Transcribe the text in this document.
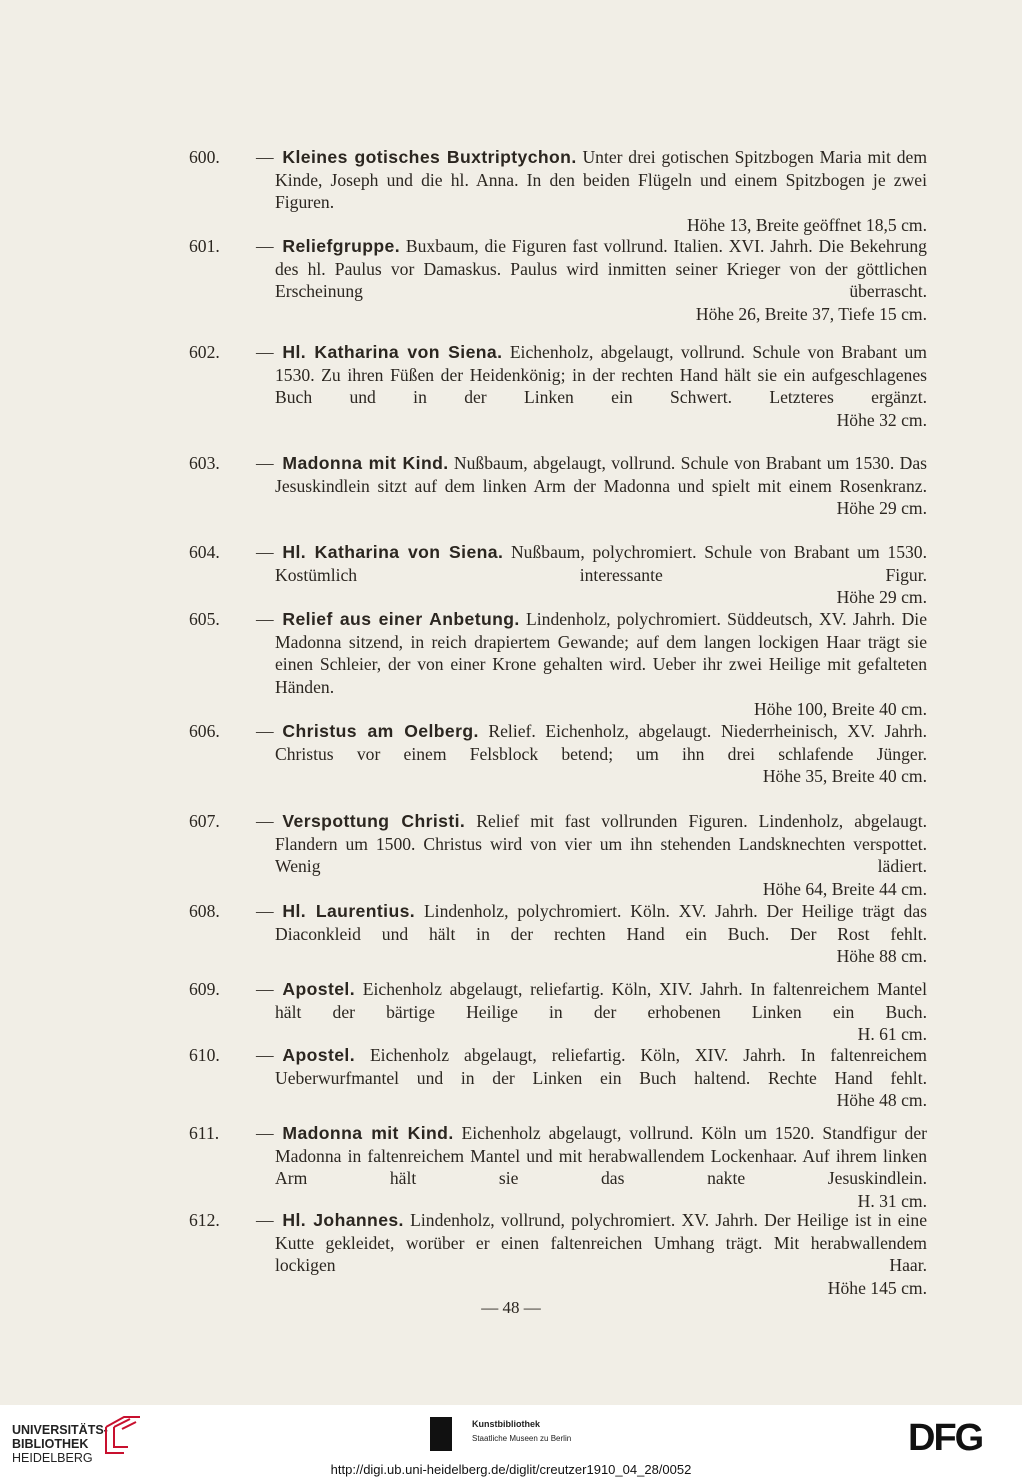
600.	—  Kleines gotisches Buxtriptychon. Unter drei gotischen Spitzbogen Maria mit dem Kinde, Joseph und die hl. Anna. In den beiden Flügeln und einem Spitzbogen je zwei Figuren.
Höhe 13, Breite geöffnet 18,5 cm.
601.	—  Reliefgruppe. Buxbaum, die Figuren fast vollrund. Italien. XVI. Jahrh. Die Bekehrung des hl. Paulus vor Damaskus. Paulus wird inmitten seiner Krieger von der göttlichen Erscheinung überrascht.
Höhe 26, Breite 37, Tiefe 15 cm.
602.	—  Hl. Katharina von Siena. Eichenholz, abgelaugt, vollrund. Schule von Brabant um 1530. Zu ihren Füßen der Heidenkönig; in der rechten Hand hält sie ein aufgeschlagenes Buch und in der Linken ein Schwert. Letzteres ergänzt.
Höhe 32 cm.
603.	—  Madonna mit Kind. Nußbaum, abgelaugt, vollrund. Schule von Brabant um 1530. Das Jesuskindlein sitzt auf dem linken Arm der Madonna und spielt mit einem Rosenkranz.
Höhe 29 cm.
604.	—  Hl. Katharina von Siena. Nußbaum, polychromiert. Schule von Brabant um 1530. Kostümlich interessante Figur.
Höhe 29 cm.
605.	—  Relief aus einer Anbetung. Lindenholz, polychromiert. Süddeutsch, XV. Jahrh. Die Madonna sitzend, in reich drapiertem Gewande; auf dem langen lockigen Haar trägt sie einen Schleier, der von einer Krone gehalten wird. Ueber ihr zwei Heilige mit gefalteten Händen.
Höhe 100, Breite 40 cm.
606.	—  Christus am Oelberg. Relief. Eichenholz, abgelaugt. Niederrheinisch, XV. Jahrh. Christus vor einem Felsblock betend; um ihn drei schlafende Jünger.
Höhe 35, Breite 40 cm.
607.	—  Verspottung Christi. Relief mit fast vollrunden Figuren. Lindenholz, abgelaugt. Flandern um 1500. Christus wird von vier um ihn stehenden Landsknechten verspottet. Wenig lädiert.
Höhe 64, Breite 44 cm.
608.	—  Hl. Laurentius. Lindenholz, polychromiert. Köln. XV. Jahrh. Der Heilige trägt das Diaconkleid und hält in der rechten Hand ein Buch. Der Rost fehlt.
Höhe 88 cm.
609.	—  Apostel. Eichenholz abgelaugt, reliefartig. Köln, XIV. Jahrh. In faltenreichem Mantel hält der bärtige Heilige in der erhobenen Linken ein Buch.
H. 61 cm.
610.	—  Apostel. Eichenholz abgelaugt, reliefartig. Köln, XIV. Jahrh. In faltenreichem Ueberwurfmantel und in der Linken ein Buch haltend. Rechte Hand fehlt.
Höhe 48 cm.
611.	—  Madonna mit Kind. Eichenholz abgelaugt, vollrund. Köln um 1520. Standfigur der Madonna in faltenreichem Mantel und mit herabwallendem Lockenhaar. Auf ihrem linken Arm hält sie das nakte Jesuskindlein.
H. 31 cm.
612.	—  Hl. Johannes. Lindenholz, vollrund, polychromiert. XV. Jahrh. Der Heilige ist in eine Kutte gekleidet, worüber er einen faltenreichen Umhang trägt. Mit herabwallendem lockigen Haar.
Höhe 145 cm.
— 48 —
UNIVERSITÄTS-
BIBLIOTHEK
HEIDELBERG
Kunstbibliothek
Staatliche Museen zu Berlin	DFG
http://digi.ub.uni-heidelberg.de/diglit/creutzer1910_04_28/0052
